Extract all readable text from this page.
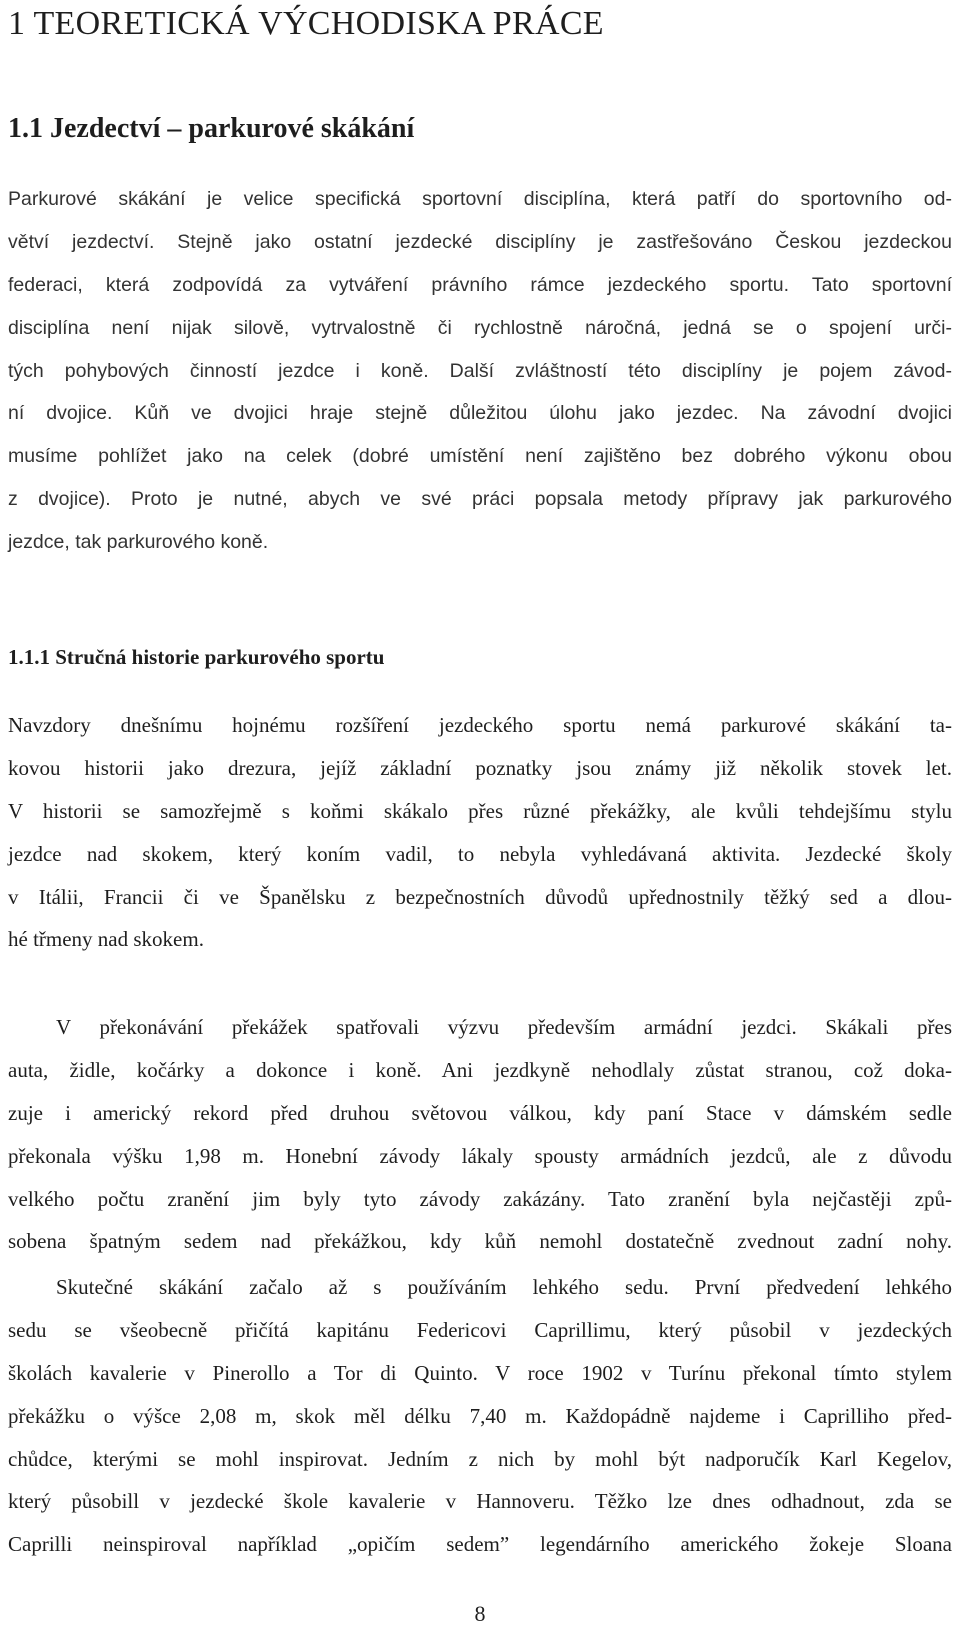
1 TEORETICKÁ VÝCHODISKA PRÁCE
1.1 Jezdectví – parkurové skákání
Parkurové skákání je velice specifická sportovní disciplína, která patří do sportovního od-
větví jezdectví. Stejně jako ostatní jezdecké disciplíny je zastřešováno Českou jezdeckou
federaci, která zodpovídá za vytváření právního rámce jezdeckého sportu. Tato sportovní
disciplína není nijak silově, vytrvalostně či rychlostně náročná, jedná se o spojení urči-
tých pohybových činností jezdce i koně. Další zvláštností této disciplíny je pojem závod-
ní dvojice. Kůň ve dvojici hraje stejně důležitou úlohu jako jezdec. Na závodní dvojici
musíme pohlížet jako na celek (dobré umístění není zajištěno bez dobrého výkonu obou
z dvojice). Proto je nutné, abych ve své práci popsala metody přípravy jak parkurového
jezdce, tak parkurového koně.
1.1.1 Stručná historie parkurového sportu
Navzdory dnešnímu hojnému rozšíření jezdeckého sportu nemá parkurové skákání ta-
kovou historii jako drezura, jejíž základní poznatky jsou známy již několik stovek let.
V historii se samozřejmě s koňmi skákalo přes různé překážky, ale kvůli tehdejšímu stylu
jezdce nad skokem, který koním vadil, to nebyla vyhledávaná aktivita. Jezdecké školy
v Itálii, Francii či ve Španělsku z bezpečnostních důvodů upřednostnily těžký sed a dlou-
hé třmeny nad skokem.
V překonávání překážek spatřovali výzvu především armádní jezdci. Skákali přes
auta, židle, kočárky a dokonce i koně. Ani jezdkyně nehodlaly zůstat stranou, což doka-
zuje i americký rekord před druhou světovou válkou, kdy paní Stace v dámském sedle
překonala výšku 1,98 m. Honební závody lákaly spousty armádních jezdců, ale z důvodu
velkého počtu zranění jim byly tyto závody zakázány. Tato zranění byla nejčastěji způ-
sobena špatným sedem nad překážkou, kdy kůň nemohl dostatečně zvednout zadní nohy.
Skutečné skákání začalo až s používáním lehkého sedu. První předvedení lehkého
sedu se všeobecně přičítá kapitánu Federicovi Caprillimu, který působil v jezdeckých
školách kavalerie v Pinerollo a Tor di Quinto. V roce 1902 v Turínu překonal tímto stylem
překážku o výšce 2,08 m, skok měl délku 7,40 m. Každopádně najdeme i Caprilliho před-
chůdce, kterými se mohl inspirovat. Jedním z nich by mohl být nadporučík Karl Kegelov,
který působill v jezdecké škole kavalerie v Hannoveru. Těžko lze dnes odhadnout, zda se
Caprilli neinspiroval například „opičím sedem” legendárního amerického žokeje Sloana
8
